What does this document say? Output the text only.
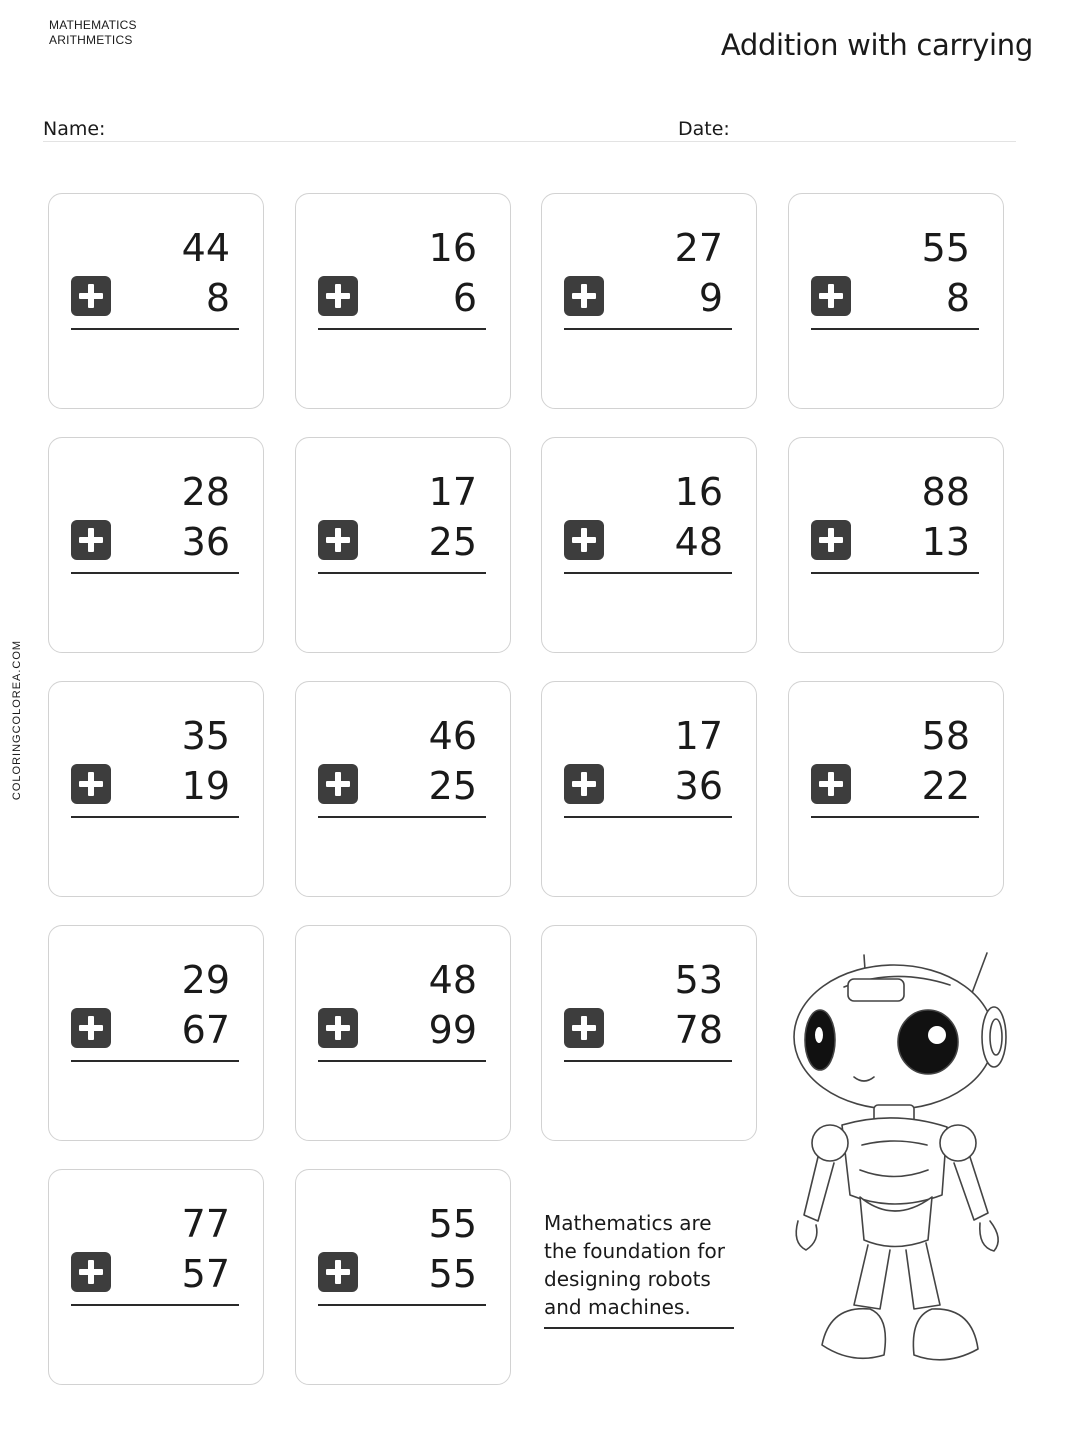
MATHEMATICS
ARITHMETICS	Addition with carrying
Name:	Date:
COLORINGCOLOREA.COM
44
8
16
6
27
9
55
8
28
36
17
25
16
48
88
13
35
19
46
25
17
36
58
22
29
67
48
99
53
78
77
57
55
55
Mathematics are the foundation for designing robots and machines.
